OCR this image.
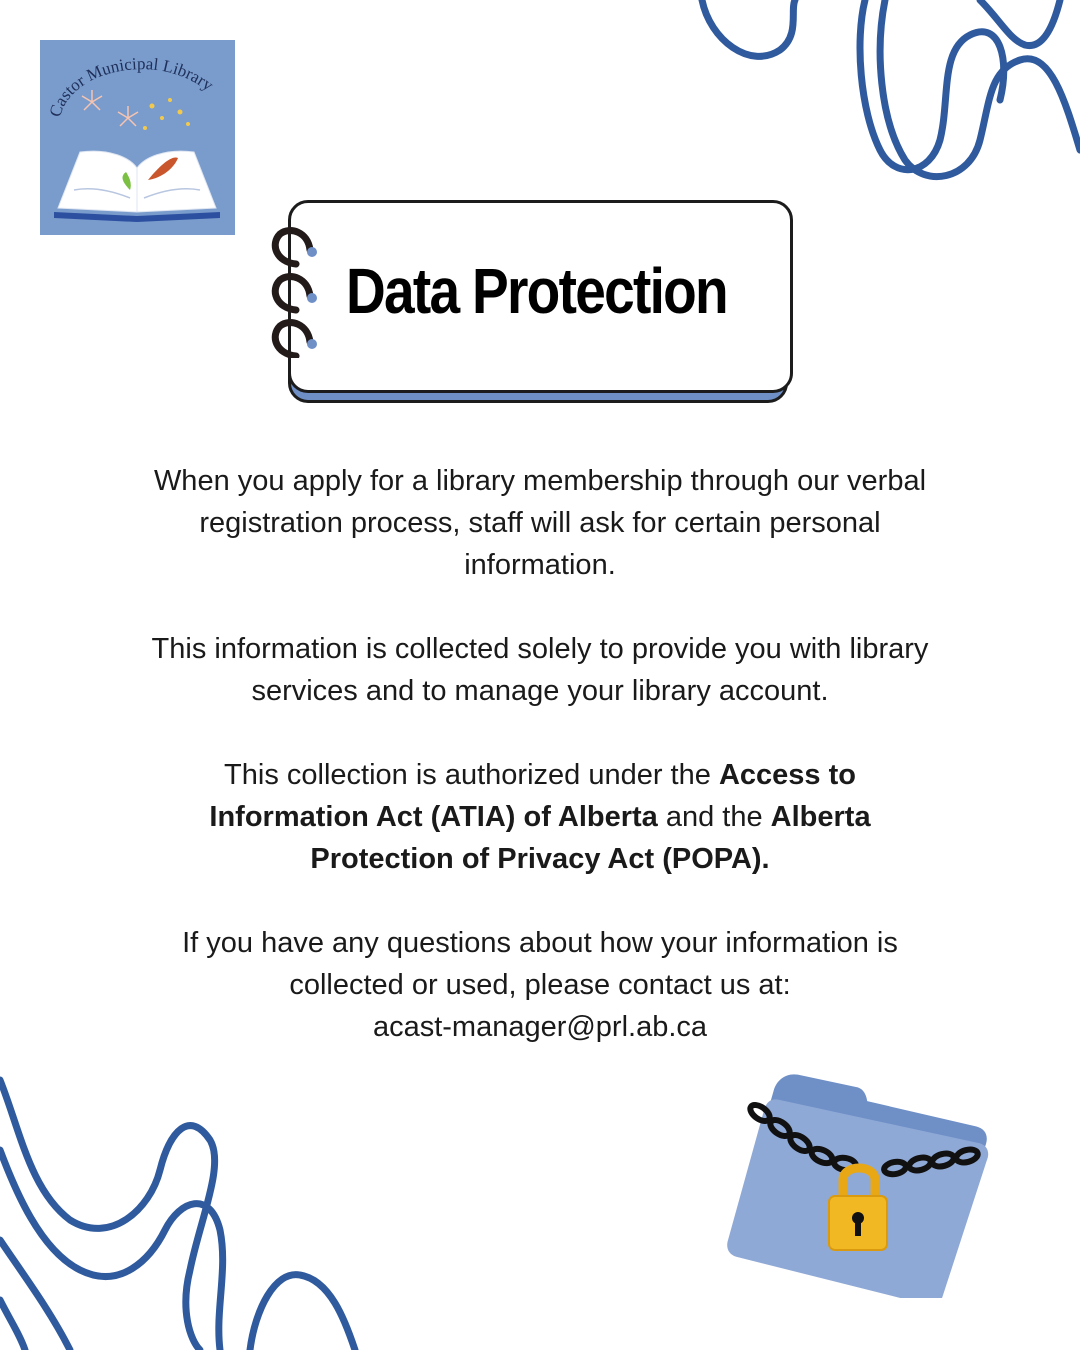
Castor Municipal Library
Data Protection

When you apply for a library membership through our verbal registration process, staff will ask for certain personal information.

This information is collected solely to provide you with library services and to manage your library account.

This collection is authorized under the Access to Information Act (ATIA) of Alberta and the Alberta Protection of Privacy Act (POPA).

If you have any questions about how your information is collected or used, please contact us at:
acast-manager@prl.ab.ca
